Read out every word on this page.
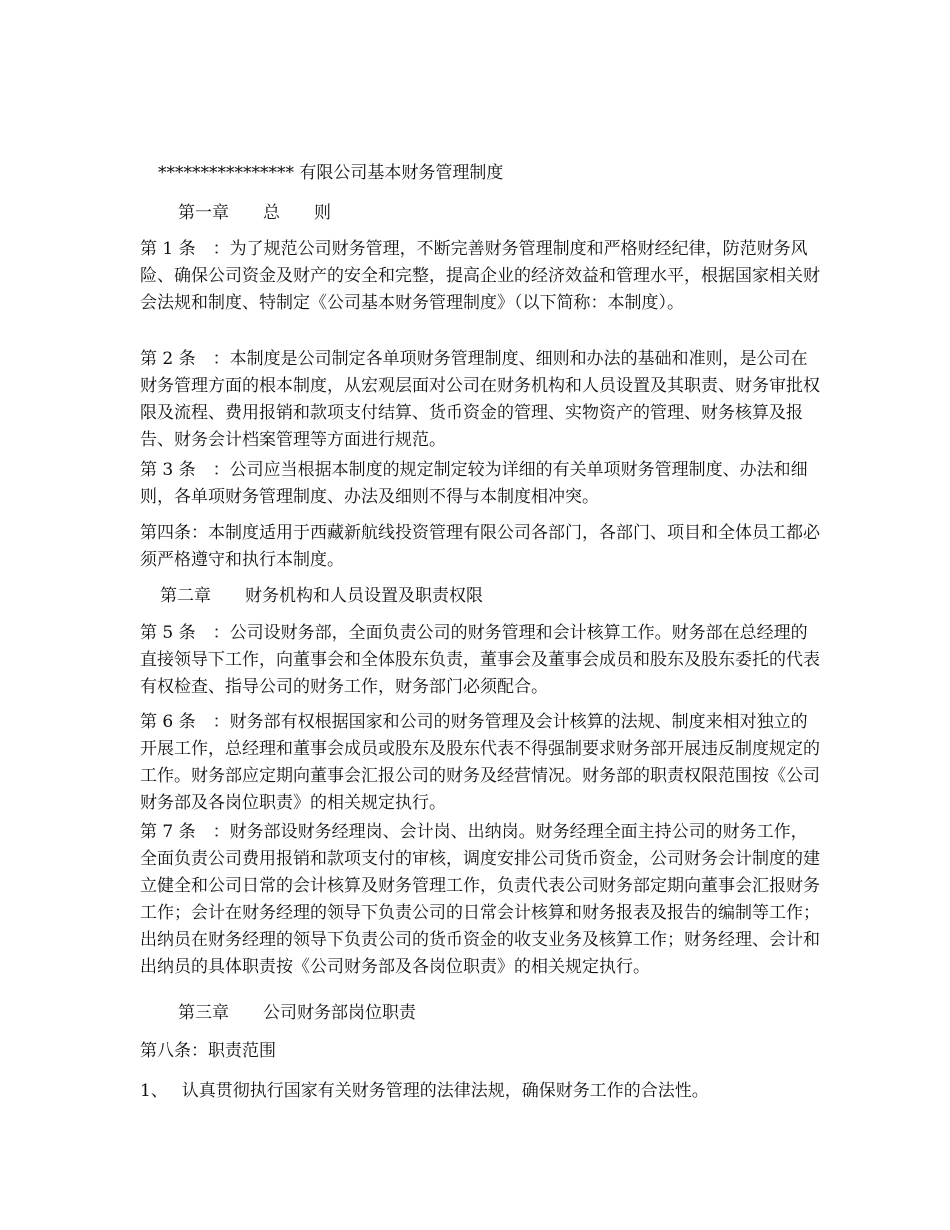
**************** 有限公司基本财务管理制度
第一章　　总　　则
第 1 条　：为了规范公司财务管理，不断完善财务管理制度和严格财经纪律，防范财务风险、确保公司资金及财产的安全和完整，提高企业的经济效益和管理水平，根据国家相关财会法规和制度、特制定《公司基本财务管理制度》（以下简称：本制度）。
第 2 条　：本制度是公司制定各单项财务管理制度、细则和办法的基础和准则，是公司在财务管理方面的根本制度，从宏观层面对公司在财务机构和人员设置及其职责、财务审批权限及流程、费用报销和款项支付结算、货币资金的管理、实物资产的管理、财务核算及报告、财务会计档案管理等方面进行规范。
第 3 条　：公司应当根据本制度的规定制定较为详细的有关单项财务管理制度、办法和细则，各单项财务管理制度、办法及细则不得与本制度相冲突。
第四条：本制度适用于西藏新航线投资管理有限公司各部门，各部门、项目和全体员工都必须严格遵守和执行本制度。
第二章　　财务机构和人员设置及职责权限
第 5 条　：公司设财务部，全面负责公司的财务管理和会计核算工作。财务部在总经理的直接领导下工作，向董事会和全体股东负责，董事会及董事会成员和股东及股东委托的代表有权检查、指导公司的财务工作，财务部门必须配合。
第 6 条　：财务部有权根据国家和公司的财务管理及会计核算的法规、制度来相对独立的开展工作，总经理和董事会成员或股东及股东代表不得强制要求财务部开展违反制度规定的工作。财务部应定期向董事会汇报公司的财务及经营情况。财务部的职责权限范围按《公司财务部及各岗位职责》的相关规定执行。
第 7 条　：财务部设财务经理岗、会计岗、出纳岗。财务经理全面主持公司的财务工作，全面负责公司费用报销和款项支付的审核，调度安排公司货币资金，公司财务会计制度的建立健全和公司日常的会计核算及财务管理工作，负责代表公司财务部定期向董事会汇报财务工作；会计在财务经理的领导下负责公司的日常会计核算和财务报表及报告的编制等工作；出纳员在财务经理的领导下负责公司的货币资金的收支业务及核算工作；财务经理、会计和出纳员的具体职责按《公司财务部及各岗位职责》的相关规定执行。
第三章　　公司财务部岗位职责
第八条：职责范围
1、　 认真贯彻执行国家有关财务管理的法律法规，确保财务工作的合法性。
